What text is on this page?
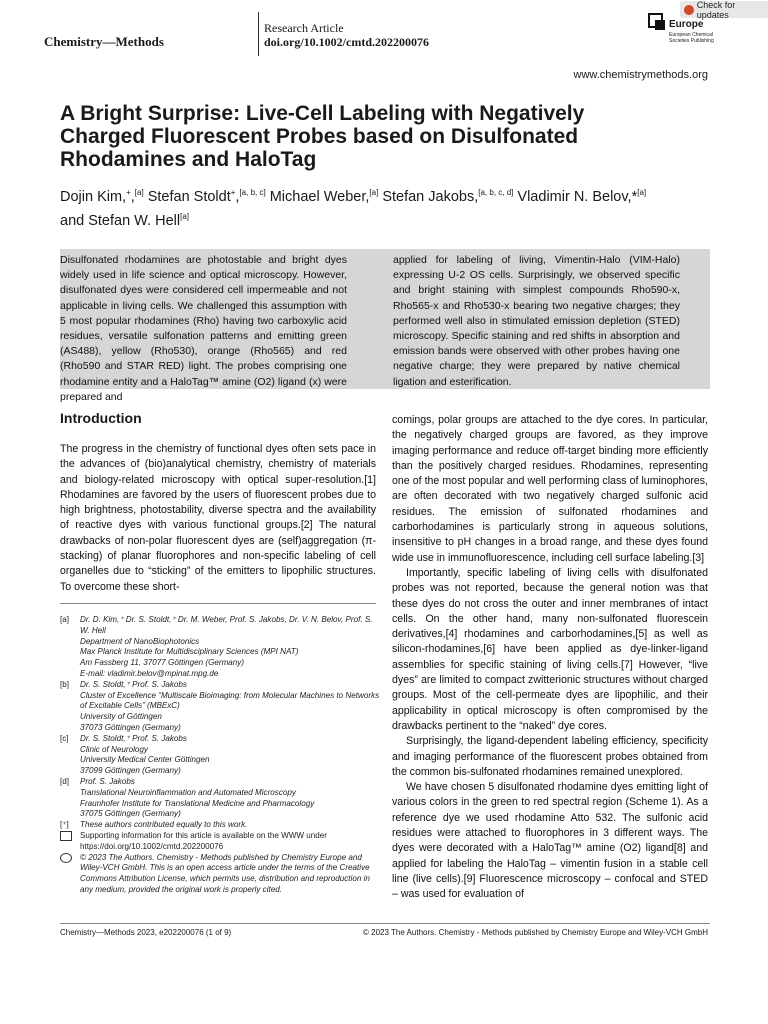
Chemistry—Methods
Research Article
doi.org/10.1002/cmtd.202200076
Europe
European Chemical Societies Publishing
Check for updates
www.chemistrymethods.org
A Bright Surprise: Live-Cell Labeling with Negatively Charged Fluorescent Probes based on Disulfonated Rhodamines and HaloTag
Dojin Kim,+,[a] Stefan Stoldt+,[a, b, c] Michael Weber,[a] Stefan Jakobs,[a, b, c, d] Vladimir N. Belov,*[a]
and Stefan W. Hell[a]
Disulfonated rhodamines are photostable and bright dyes widely used in life science and optical microscopy. However, disulfonated dyes were considered cell impermeable and not applicable in living cells. We challenged this assumption with 5 most popular rhodamines (Rho) having two carboxylic acid residues, versatile sulfonation patterns and emitting green (AS488), yellow (Rho530), orange (Rho565) and red (Rho590 and STAR RED) light. The probes comprising one rhodamine entity and a HaloTag™ amine (O2) ligand (x) were prepared and
applied for labeling of living, Vimentin-Halo (VIM-Halo) expressing U-2 OS cells. Surprisingly, we observed specific and bright staining with simplest compounds Rho590-x, Rho565-x and Rho530-x bearing two negative charges; they performed well also in stimulated emission depletion (STED) microscopy. Specific staining and red shifts in absorption and emission bands were observed with other probes having one negative charge; they were prepared by native chemical ligation and esterification.
Introduction

The progress in the chemistry of functional dyes often sets pace in the advances of (bio)analytical chemistry, chemistry of materials and biology-related microscopy with optical super-resolution.[1] Rhodamines are favored by the users of fluorescent probes due to high brightness, photostability, diverse spectra and the availability of reactive dyes with various functional groups.[2] The natural drawbacks of non-polar fluorescent dyes are (self)aggregation (π-stacking) of planar fluorophores and non-specific labeling of cell organelles due to “sticking” of the emitters to lipophilic structures. To overcome these short-

comings, polar groups are attached to the dye cores. In particular, the negatively charged groups are favored, as they improve imaging performance and reduce off-target binding more efficiently than the positively charged residues. Rhodamines, representing one of the most popular and well performing class of luminophores, are often decorated with two negatively charged sulfonic acid residues. The emission of sulfonated rhodamines and carborhodamines is particularly strong in aqueous solutions, insensitive to pH changes in a broad range, and these dyes found wide use in immunofluorescence, including cell surface labeling.[3]

Importantly, specific labeling of living cells with disulfonated probes was not reported, because the general notion was that these dyes do not cross the outer and inner membranes of intact cells. On the other hand, many non-sulfonated fluorescein derivatives,[4] rhodamines and carborhodamines,[5] as well as silicon-rhodamines,[6] have been applied as dye-linker-ligand assemblies for specific staining of living cells.[7] However, “live dyes” are limited to compact zwitterionic structures without charged groups. Most of the cell-permeate dyes are lipophilic, and their applicability in optical microscopy is often compromised by the drawbacks pertinent to the “naked” dye cores.

Surprisingly, the ligand-dependent labeling efficiency, specificity and imaging performance of the fluorescent probes obtained from the common bis-sulfonated rhodamines remained unexplored.

We have chosen 5 disulfonated rhodamine dyes emitting light of various colors in the green to red spectral region (Scheme 1). As a reference dye we used rhodamine Atto 532. The sulfonic acid residues were attached to fluorophores in 3 different ways. The dyes were decorated with a HaloTag™ amine (O2) ligand[8] and applied for labeling the HaloTag – vimentin fusion in a stable cell line (live cells).[9] Fluorescence microscopy – confocal and STED – was used for evaluation of

[a] Dr. D. Kim,⁺ Dr. S. Stoldt,⁺ Dr. M. Weber, Prof. S. Jakobs, Dr. V. N. Belov, Prof. S. W. Hell
Department of NanoBiophotonics
Max Planck Institute for Multidisciplinary Sciences (MPI NAT)
Am Fassberg 11, 37077 Göttingen (Germany)
E-mail: vladimir.belov@mpinat.mpg.de
[b] Dr. S. Stoldt,⁺ Prof. S. Jakobs
Cluster of Excellence “Multiscale Bioimaging: from Molecular Machines to Networks of Excitable Cells” (MBExC)
University of Göttingen
37073 Göttingen (Germany)
[c] Dr. S. Stoldt,⁺ Prof. S. Jakobs
Clinic of Neurology
University Medical Center Göttingen
37099 Göttingen (Germany)
[d] Prof. S. Jakobs
Translational Neuroinflammation and Automated Microscopy
Fraunhofer Institute for Translational Medicine and Pharmacology
37075 Göttingen (Germany)
[⁺] These authors contributed equally to this work.
Supporting information for this article is available on the WWW under https://doi.org/10.1002/cmtd.202200076
© 2023 The Authors. Chemistry - Methods published by Chemistry Europe and Wiley-VCH GmbH. This is an open access article under the terms of the Creative Commons Attribution License, which permits use, distribution and reproduction in any medium, provided the original work is properly cited.
Chemistry—Methods 2023, e202200076 (1 of 9)	© 2023 The Authors. Chemistry - Methods published by Chemistry Europe and Wiley-VCH GmbH
